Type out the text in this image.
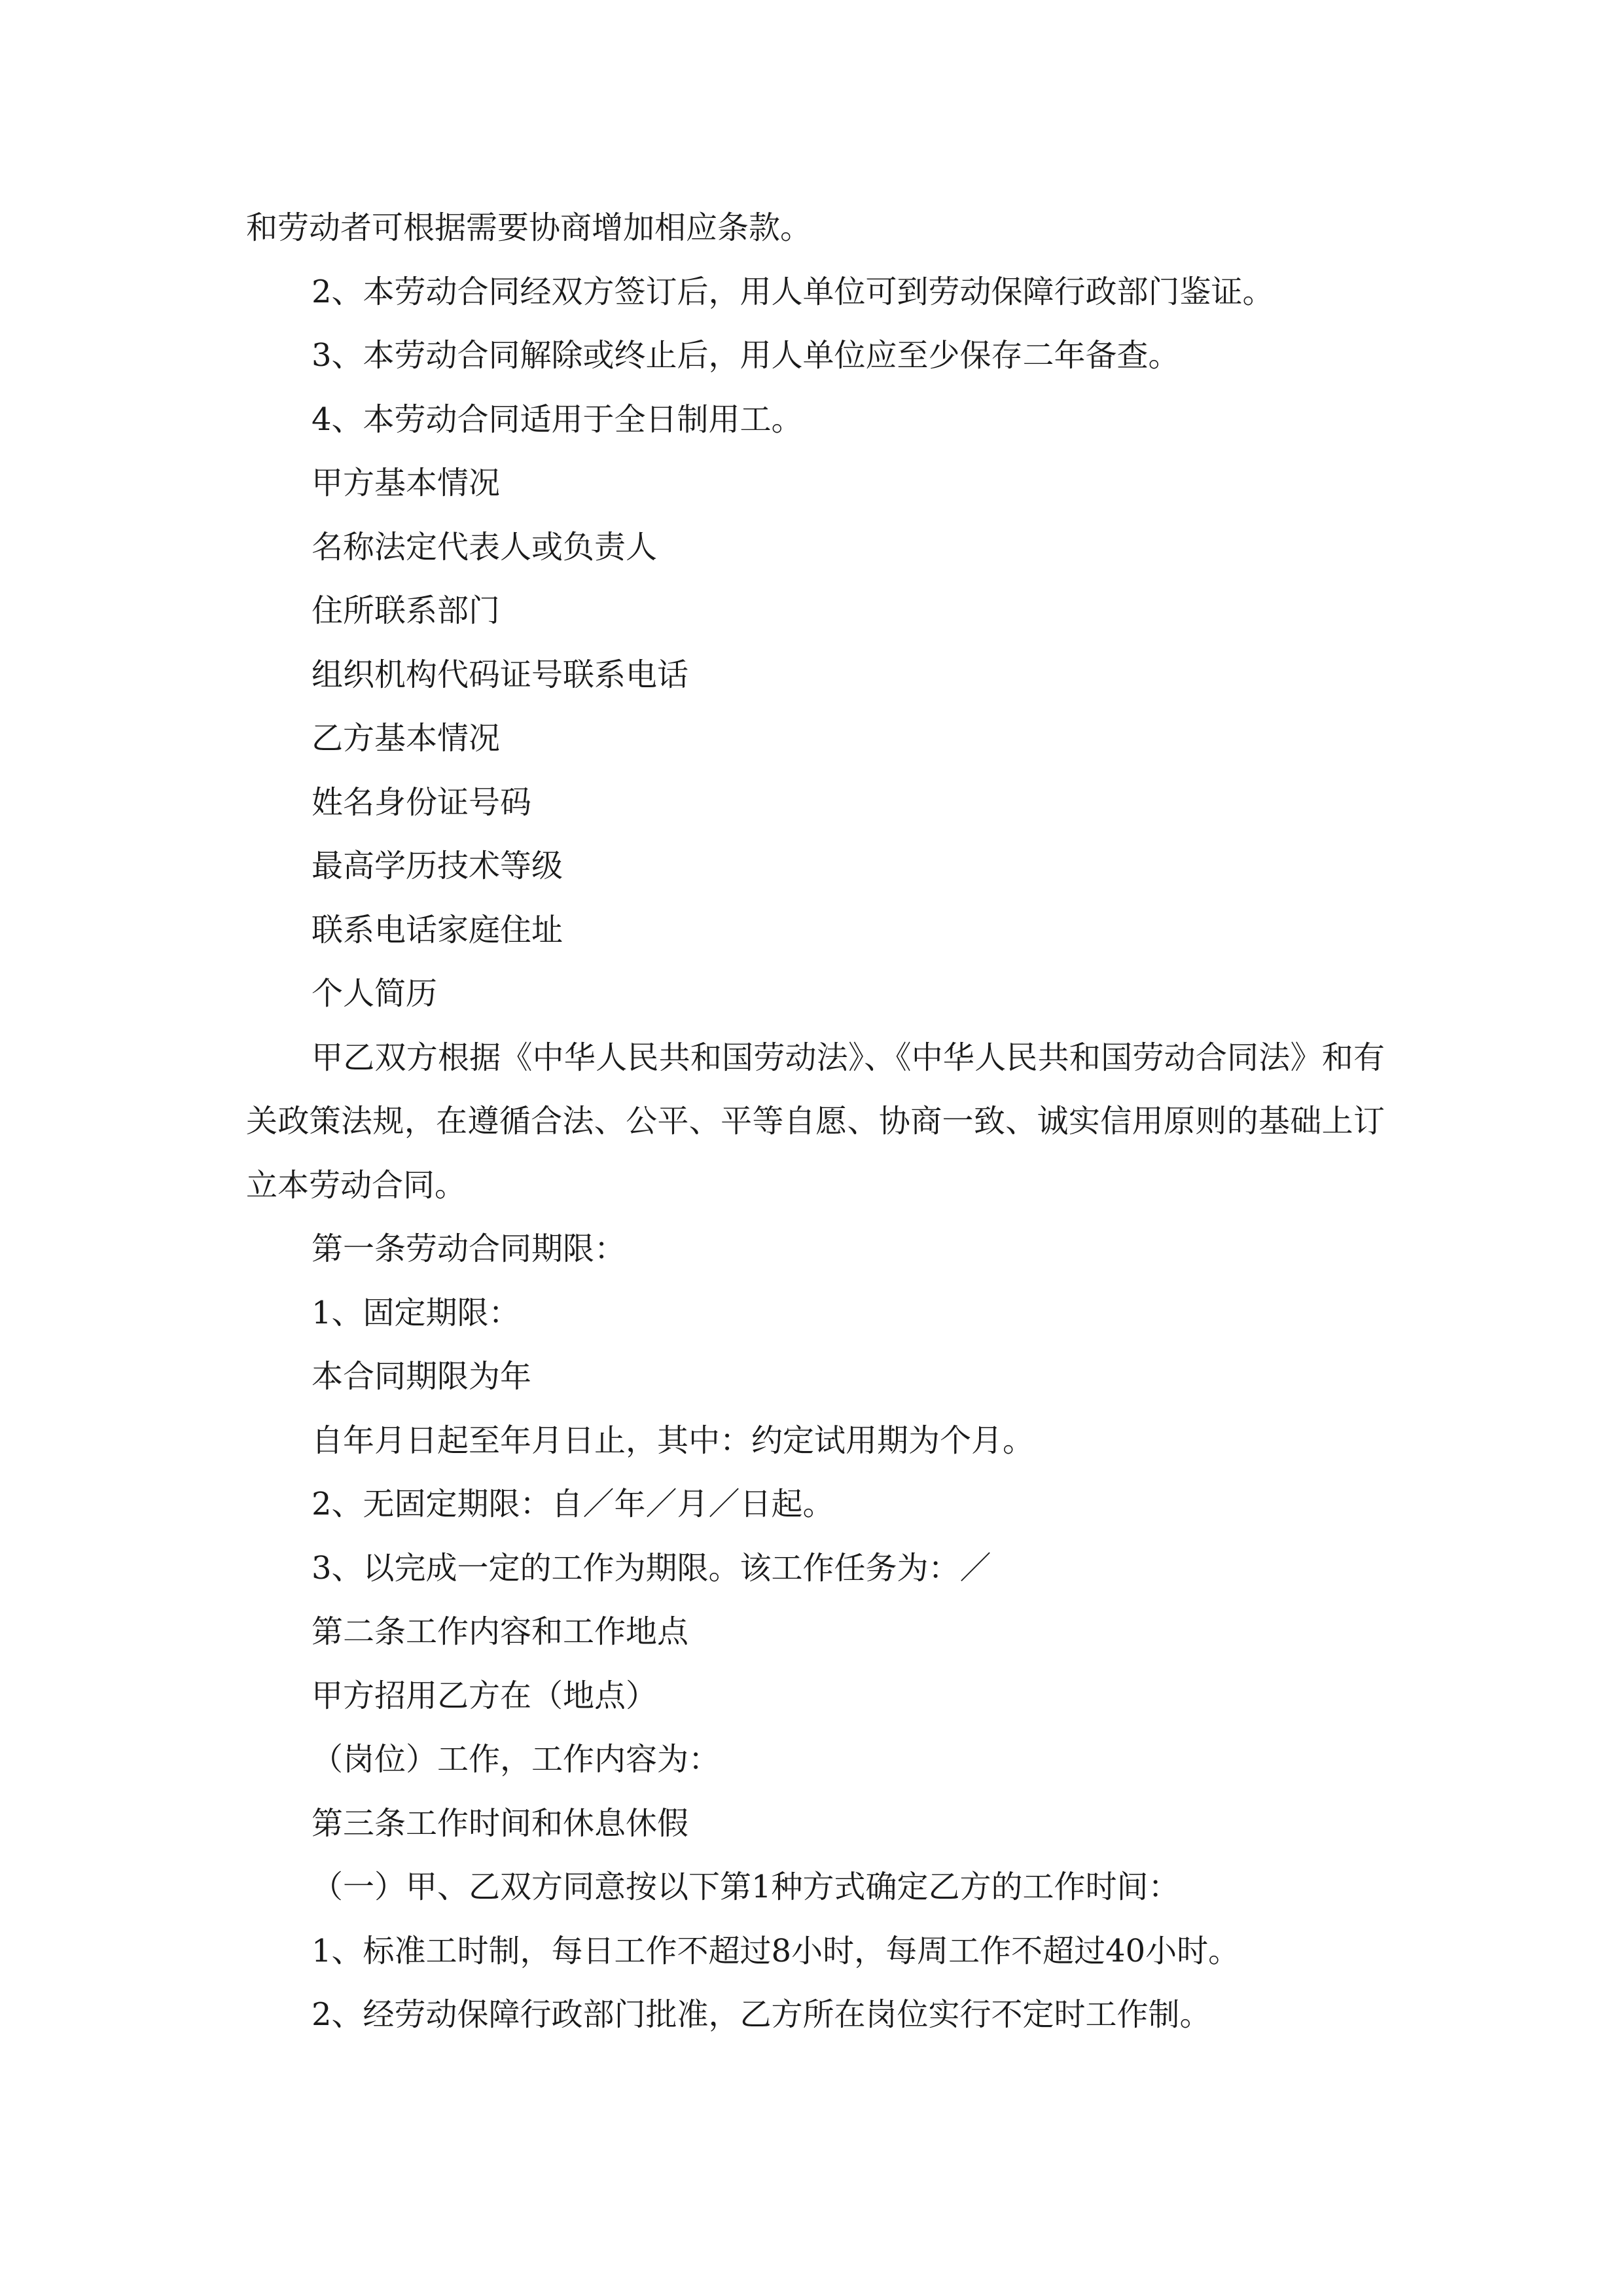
和劳动者可根据需要协商增加相应条款。
2、本劳动合同经双方签订后，用人单位可到劳动保障行政部门鉴证。
3、本劳动合同解除或终止后，用人单位应至少保存二年备查。
4、本劳动合同适用于全日制用工。
甲方基本情况
名称法定代表人或负责人
住所联系部门
组织机构代码证号联系电话
乙方基本情况
姓名身份证号码
最高学历技术等级
联系电话家庭住址
个人简历
甲乙双方根据《中华人民共和国劳动法》、《中华人民共和国劳动合同法》和有关政策法规，在遵循合法、公平、平等自愿、协商一致、诚实信用原则的基础上订立本劳动合同。
第一条劳动合同期限：
1、固定期限：
本合同期限为年
自年月日起至年月日止，其中：约定试用期为个月。
2、无固定期限：自／年／月／日起。
3、以完成一定的工作为期限。该工作任务为：／
第二条工作内容和工作地点
甲方招用乙方在（地点）
（岗位）工作，工作内容为：
第三条工作时间和休息休假
（一）甲、乙双方同意按以下第1种方式确定乙方的工作时间：
1、标准工时制，每日工作不超过8小时，每周工作不超过40小时。
2、经劳动保障行政部门批准，乙方所在岗位实行不定时工作制。
